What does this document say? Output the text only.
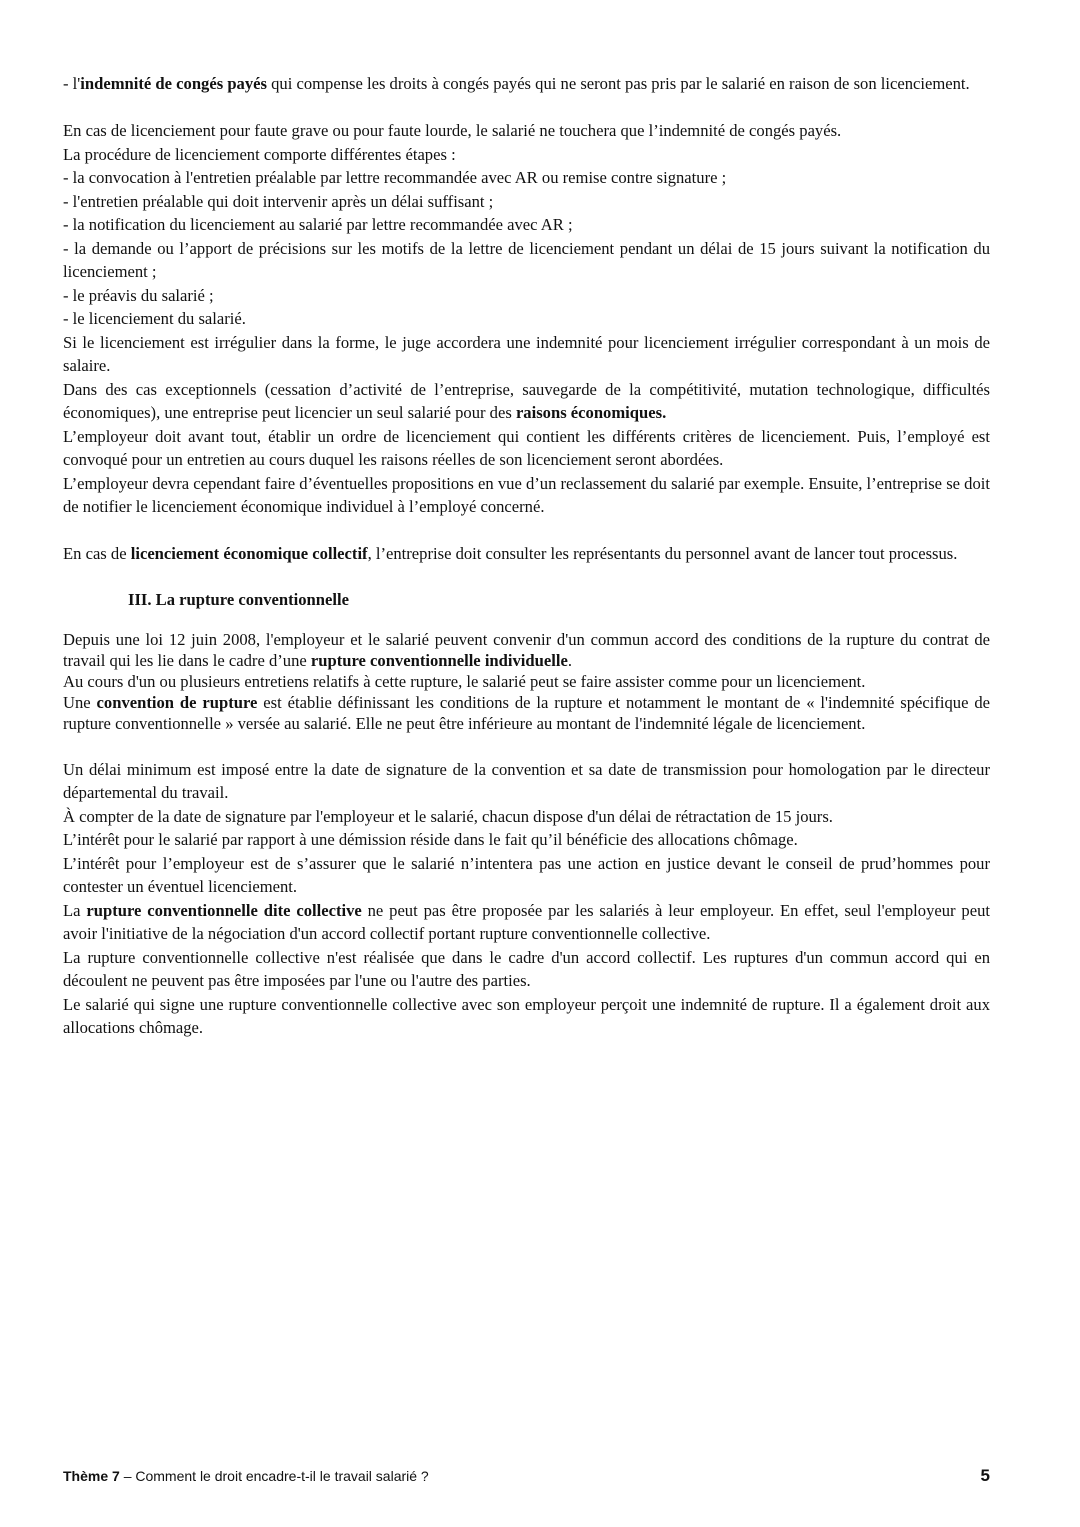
- l'indemnité de congés payés qui compense les droits à congés payés qui ne seront pas pris par le salarié en raison de son licenciement.

En cas de licenciement pour faute grave ou pour faute lourde, le salarié ne touchera que l’indemnité de congés payés.
La procédure de licenciement comporte différentes étapes :
- la convocation à l'entretien préalable par lettre recommandée avec AR ou remise contre signature ;
- l'entretien préalable qui doit intervenir après un délai suffisant ;
- la notification du licenciement au salarié par lettre recommandée avec AR ;
- la demande ou l’apport de précisions sur les motifs de la lettre de licenciement pendant un délai de 15 jours suivant la notification du licenciement ;
- le préavis du salarié ;
- le licenciement du salarié.
Si le licenciement est irrégulier dans la forme, le juge accordera une indemnité pour licenciement irrégulier correspondant à un mois de salaire.
Dans des cas exceptionnels (cessation d’activité de l’entreprise, sauvegarde de la compétitivité, mutation technologique, difficultés économiques), une entreprise peut licencier un seul salarié pour des raisons économiques.
L’employeur doit avant tout, établir un ordre de licenciement qui contient les différents critères de licenciement. Puis, l’employé est convoqué pour un entretien au cours duquel les raisons réelles de son licenciement seront abordées.
L’employeur devra cependant faire d’éventuelles propositions en vue d’un reclassement du salarié par exemple. Ensuite, l’entreprise se doit de notifier le licenciement économique individuel à l’employé concerné.

En cas de licenciement économique collectif, l’entreprise doit consulter les représentants du personnel avant de lancer tout processus.

III. La rupture conventionnelle
Depuis une loi 12 juin 2008, l'employeur et le salarié peuvent convenir d'un commun accord des conditions de la rupture du contrat de travail qui les lie dans le cadre d’une rupture conventionnelle individuelle.
Au cours d'un ou plusieurs entretiens relatifs à cette rupture, le salarié peut se faire assister comme pour un licenciement.
Une convention de rupture est établie définissant les conditions de la rupture et notamment le montant de « l'indemnité spécifique de rupture conventionnelle » versée au salarié. Elle ne peut être inférieure au montant de l'indemnité légale de licenciement.
Un délai minimum est imposé entre la date de signature de la convention et sa date de transmission pour homologation par le directeur départemental du travail.
À compter de la date de signature par l'employeur et le salarié, chacun dispose d'un délai de rétractation de 15 jours.
L’intérêt pour le salarié par rapport à une démission réside dans le fait qu’il bénéficie des allocations chômage.
L’intérêt pour l’employeur est de s’assurer que le salarié n’intentera pas une action en justice devant le conseil de prud’hommes pour contester un éventuel licenciement.
La rupture conventionnelle dite collective ne peut pas être proposée par les salariés à leur employeur. En effet, seul l'employeur peut avoir l'initiative de la négociation d'un accord collectif portant rupture conventionnelle collective.
La rupture conventionnelle collective n'est réalisée que dans le cadre d'un accord collectif. Les ruptures d'un commun accord qui en découlent ne peuvent pas être imposées par l'une ou l'autre des parties.
Le salarié qui signe une rupture conventionnelle collective avec son employeur perçoit une indemnité de rupture. Il a également droit aux allocations chômage.
Thème 7 – Comment le droit encadre-t-il le travail salarié ?	5
